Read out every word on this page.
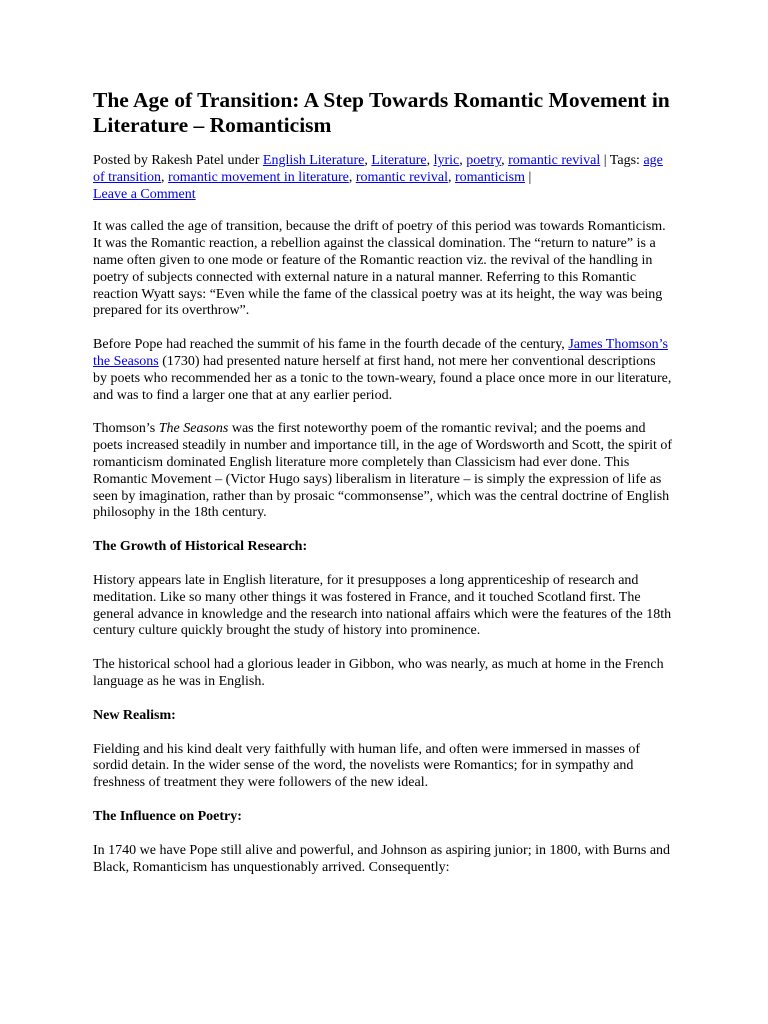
The Age of Transition: A Step Towards Romantic Movement in Literature – Romanticism

Posted by Rakesh Patel under English Literature, Literature, lyric, poetry, romantic revival | Tags: age of transition, romantic movement in literature, romantic revival, romanticism |
Leave a Comment

It was called the age of transition, because the drift of poetry of this period was towards Romanticism. It was the Romantic reaction, a rebellion against the classical domination. The “return to nature” is a name often given to one mode or feature of the Romantic reaction viz. the revival of the handling in poetry of subjects connected with external nature in a natural manner. Referring to this Romantic reaction Wyatt says: “Even while the fame of the classical poetry was at its height, the way was being prepared for its overthrow”.

Before Pope had reached the summit of his fame in the fourth decade of the century, James Thomson’s the Seasons (1730) had presented nature herself at first hand, not mere her conventional descriptions by poets who recommended her as a tonic to the town-weary, found a place once more in our literature, and was to find a larger one that at any earlier period.

Thomson’s The Seasons was the first noteworthy poem of the romantic revival; and the poems and poets increased steadily in number and importance till, in the age of Wordsworth and Scott, the spirit of romanticism dominated English literature more completely than Classicism had ever done. This Romantic Movement – (Victor Hugo says) liberalism in literature – is simply the expression of life as seen by imagination, rather than by prosaic “commonsense”, which was the central doctrine of English philosophy in the 18th century.

The Growth of Historical Research:

History appears late in English literature, for it presupposes a long apprenticeship of research and meditation. Like so many other things it was fostered in France, and it touched Scotland first. The general advance in knowledge and the research into national affairs which were the features of the 18th century culture quickly brought the study of history into prominence.

The historical school had a glorious leader in Gibbon, who was nearly, as much at home in the French language as he was in English.

New Realism:

Fielding and his kind dealt very faithfully with human life, and often were immersed in masses of sordid detain. In the wider sense of the word, the novelists were Romantics; for in sympathy and freshness of treatment they were followers of the new ideal.

The Influence on Poetry:

In 1740 we have Pope still alive and powerful, and Johnson as aspiring junior; in 1800, with Burns and Black, Romanticism has unquestionably arrived. Consequently:
